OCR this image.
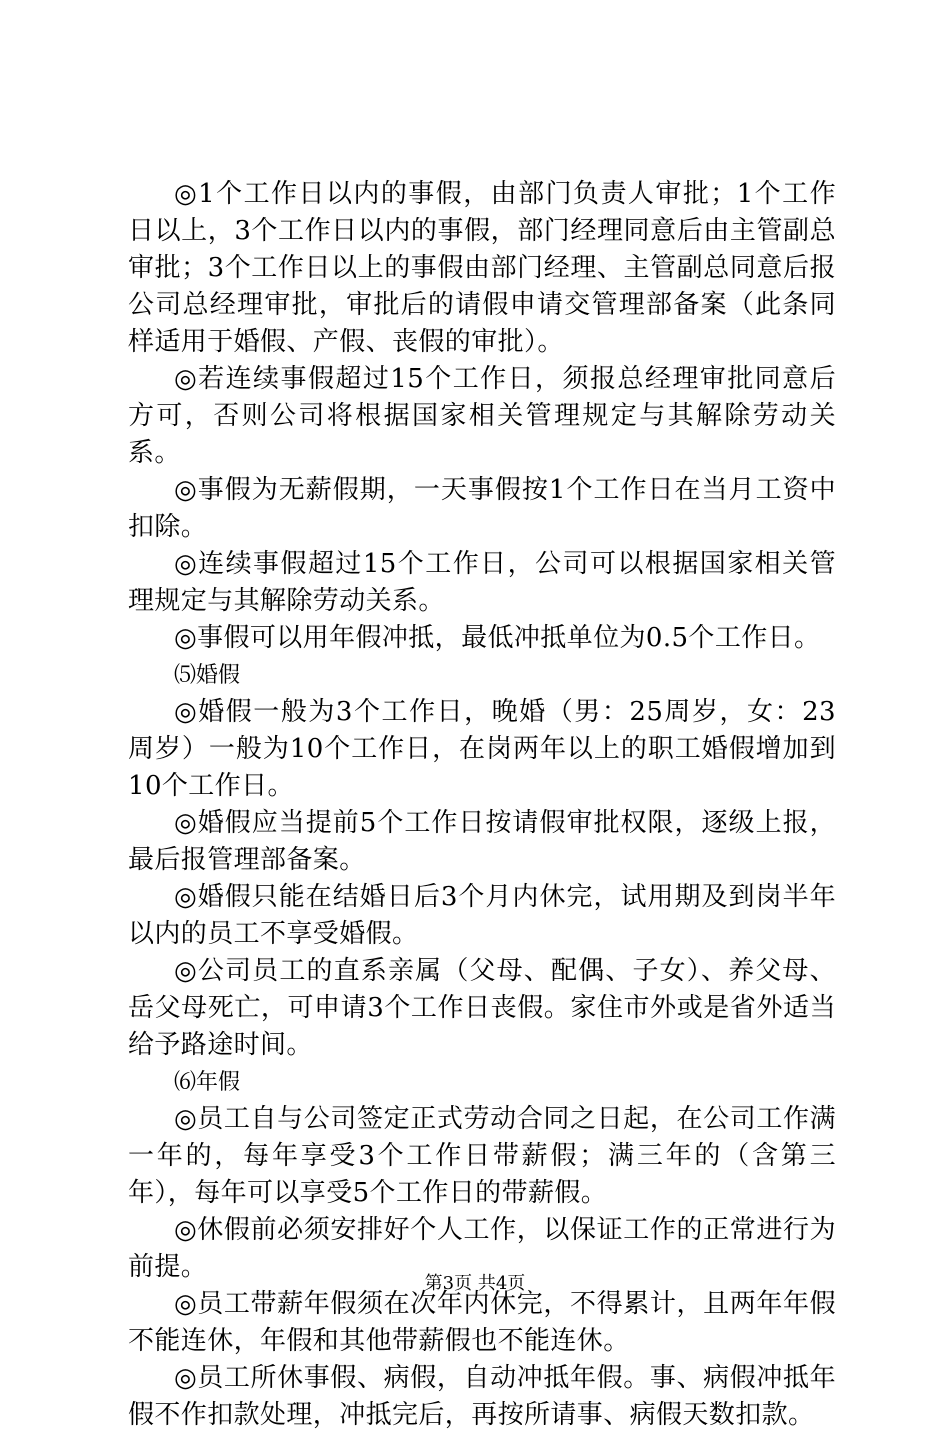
◎1个工作日以内的事假，由部门负责人审批；1个工作日以上，3个工作日以内的事假，部门经理同意后由主管副总审批；3个工作日以上的事假由部门经理、主管副总同意后报公司总经理审批，审批后的请假申请交管理部备案（此条同样适用于婚假、产假、丧假的审批）。

◎若连续事假超过15个工作日，须报总经理审批同意后方可，否则公司将根据国家相关管理规定与其解除劳动关系。

◎事假为无薪假期，一天事假按1个工作日在当月工资中扣除。

◎连续事假超过15个工作日，公司可以根据国家相关管理规定与其解除劳动关系。

◎事假可以用年假冲抵，最低冲抵单位为0.5个工作日。

⑸婚假

◎婚假一般为3个工作日，晚婚（男：25周岁，女：23周岁）一般为10个工作日，在岗两年以上的职工婚假增加到10个工作日。

◎婚假应当提前5个工作日按请假审批权限，逐级上报，最后报管理部备案。

◎婚假只能在结婚日后3个月内休完，试用期及到岗半年以内的员工不享受婚假。

◎公司员工的直系亲属（父母、配偶、子女）、养父母、岳父母死亡，可申请3个工作日丧假。家住市外或是省外适当给予路途时间。

⑹年假

◎员工自与公司签定正式劳动合同之日起，在公司工作满一年的，每年享受3个工作日带薪假；满三年的（含第三年），每年可以享受5个工作日的带薪假。

◎休假前必须安排好个人工作，以保证工作的正常进行为前提。

◎员工带薪年假须在次年内休完，不得累计，且两年年假不能连休，年假和其他带薪假也不能连休。

◎员工所休事假、病假，自动冲抵年假。事、病假冲抵年假不作扣款处理，冲抵完后，再按所请事、病假天数扣款。

第3页 共4页
